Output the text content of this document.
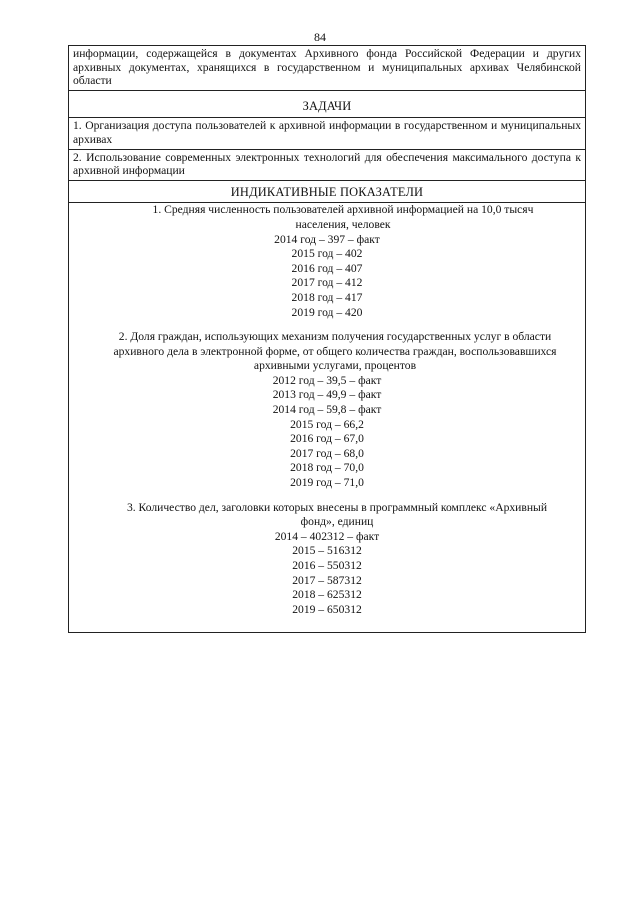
84
информации, содержащейся в документах Архивного фонда Российской Федерации и других архивных документах, хранящихся в государственном и муниципальных архивах Челябинской области
ЗАДАЧИ
1. Организация доступа пользователей к архивной информации в государственном и муниципальных архивах
2. Использование современных электронных технологий для обеспечения максимального доступа к архивной информации
ИНДИКАТИВНЫЕ ПОКАЗАТЕЛИ
1. Средняя численность пользователей архивной информацией на 10,0 тысяч населения, человек
2014 год – 397 – факт
2015 год – 402
2016 год – 407
2017 год – 412
2018 год – 417
2019 год – 420
2. Доля граждан, использующих механизм получения государственных услуг в области архивного дела в электронной форме, от общего количества граждан, воспользовавшихся архивными услугами, процентов
2012 год – 39,5 – факт
2013 год – 49,9 – факт
2014 год – 59,8 – факт
2015 год – 66,2
2016 год – 67,0
2017 год – 68,0
2018 год – 70,0
2019 год – 71,0
3. Количество дел, заголовки которых внесены в программный комплекс «Архивный фонд», единиц
2014 – 402312 – факт
2015 – 516312
2016 – 550312
2017 – 587312
2018 – 625312
2019 – 650312
